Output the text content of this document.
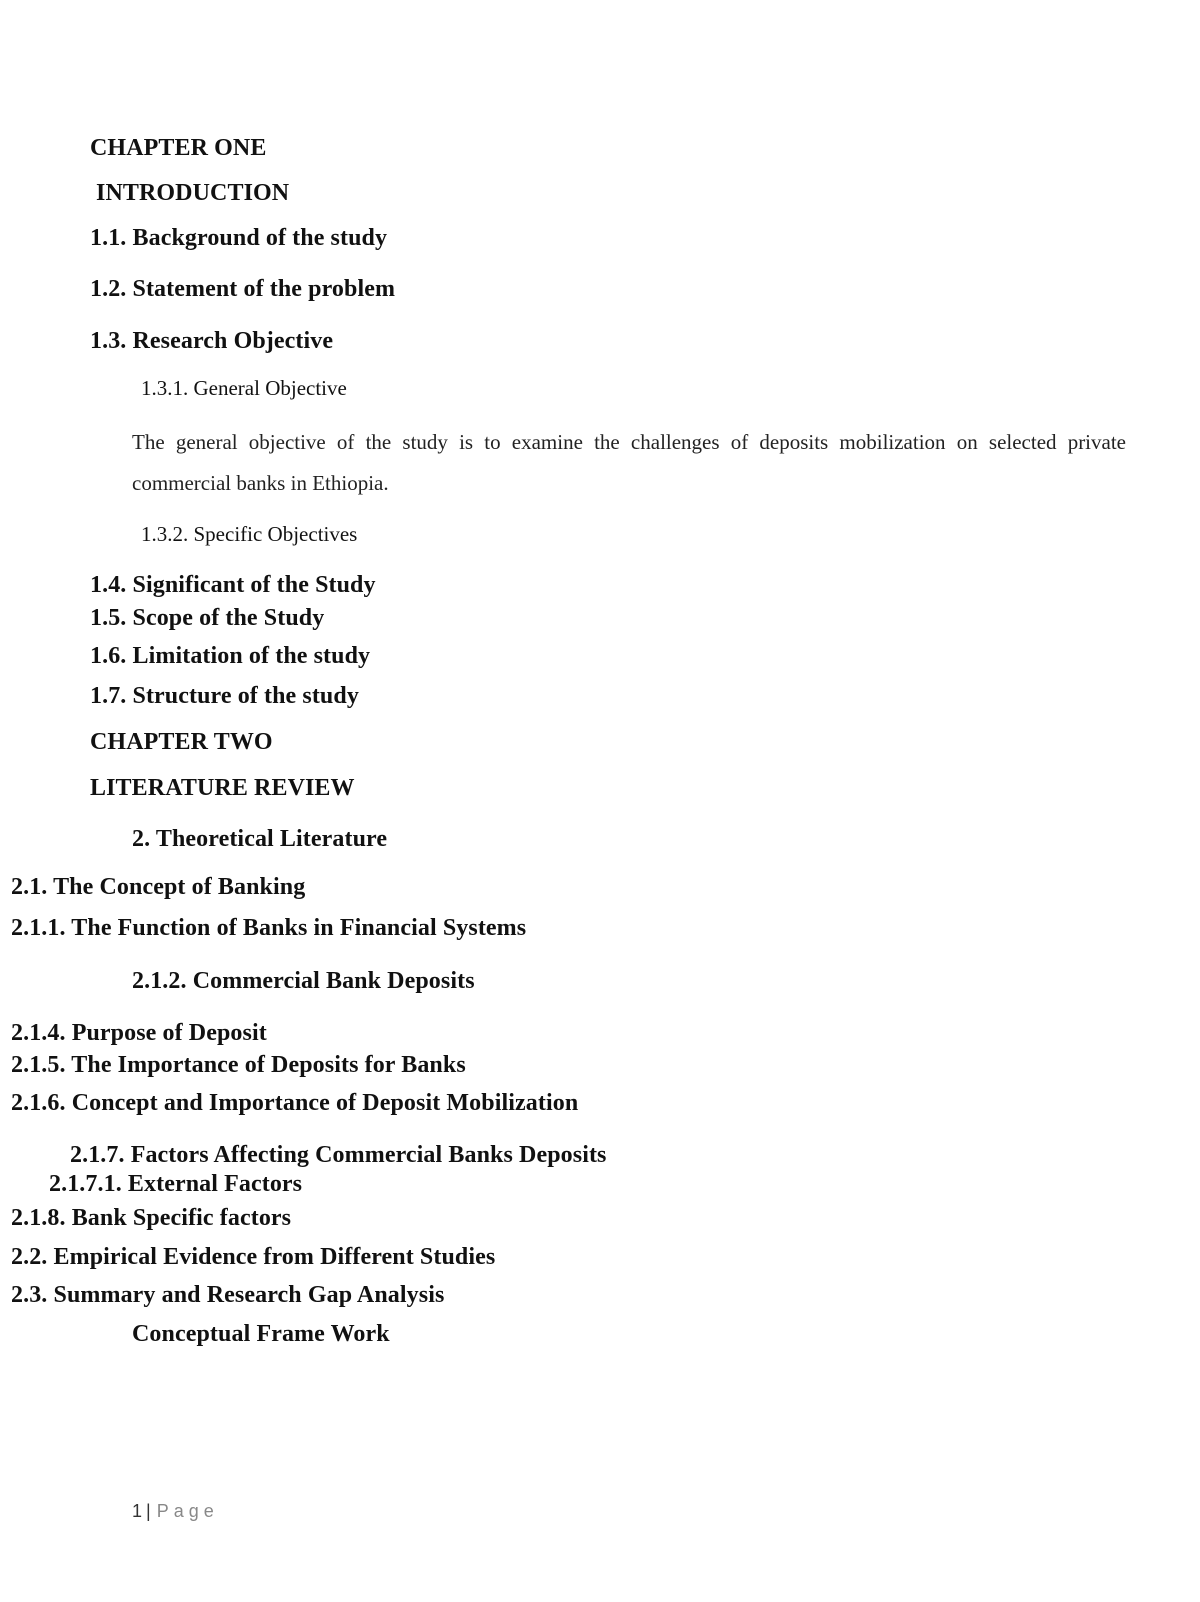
CHAPTER ONE
INTRODUCTION
1.1. Background of the study
1.2. Statement of the problem
1.3. Research Objective
1.3.1. General Objective
The general objective of the study is to examine the challenges of deposits mobilization on selected private commercial banks in Ethiopia.
1.3.2. Specific Objectives
1.4. Significant of the Study
1.5. Scope of the Study
1.6. Limitation of the study
1.7. Structure of the study
CHAPTER TWO
LITERATURE REVIEW
2. Theoretical Literature
2.1. The Concept of Banking
2.1.1. The Function of Banks in Financial Systems
2.1.2. Commercial Bank Deposits
2.1.4. Purpose of Deposit
2.1.5. The Importance of Deposits for Banks
2.1.6. Concept and Importance of Deposit Mobilization
2.1.7. Factors Affecting Commercial Banks Deposits
2.1.7.1. External Factors
2.1.8. Bank Specific factors
2.2. Empirical Evidence from Different Studies
2.3. Summary and Research Gap Analysis
Conceptual Frame Work
1 | Page
